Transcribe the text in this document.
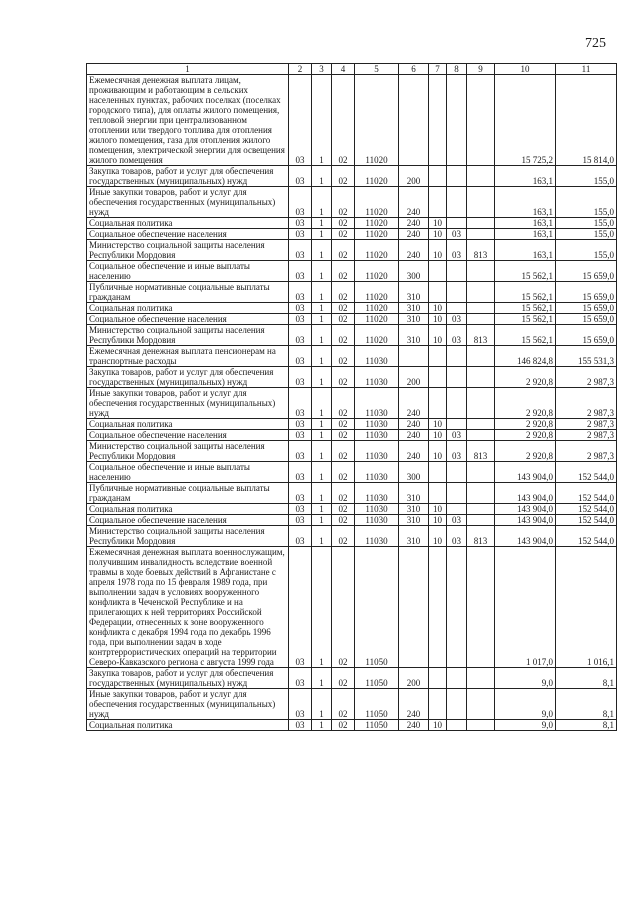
725
1	2	3	4	5	6	7	8	9	10	11
Ежемесячная денежная выплата лицам, проживающим и работающим в сельских населенных пунктах, рабочих поселках (поселках городского типа), для оплаты жилого помещения, тепловой энергии при централизованном отоплении или твердого топлива для отопления жилого помещения, газа для отопления жилого помещения, электрической энергии для освещения жилого помещения	03	1	02	11020					15 725,2	15 814,0
Закупка товаров, работ и услуг для обеспечения государственных (муниципальных) нужд	03	1	02	11020	200				163,1	155,0
Иные закупки товаров, работ и услуг для обеспечения государственных (муниципальных) нужд	03	1	02	11020	240				163,1	155,0
Социальная политика	03	1	02	11020	240	10			163,1	155,0
Социальное обеспечение населения	03	1	02	11020	240	10	03		163,1	155,0
Министерство социальной защиты населения Республики Мордовия	03	1	02	11020	240	10	03	813	163,1	155,0
Социальное обеспечение и иные выплаты населению	03	1	02	11020	300				15 562,1	15 659,0
Публичные нормативные социальные выплаты гражданам	03	1	02	11020	310				15 562,1	15 659,0
Социальная политика	03	1	02	11020	310	10			15 562,1	15 659,0
Социальное обеспечение населения	03	1	02	11020	310	10	03		15 562,1	15 659,0
Министерство социальной защиты населения Республики Мордовия	03	1	02	11020	310	10	03	813	15 562,1	15 659,0
Ежемесячная денежная выплата пенсионерам на транспортные расходы	03	1	02	11030					146 824,8	155 531,3
Закупка товаров, работ и услуг для обеспечения государственных (муниципальных) нужд	03	1	02	11030	200				2 920,8	2 987,3
Иные закупки товаров, работ и услуг для обеспечения государственных (муниципальных) нужд	03	1	02	11030	240				2 920,8	2 987,3
Социальная политика	03	1	02	11030	240	10			2 920,8	2 987,3
Социальное обеспечение населения	03	1	02	11030	240	10	03		2 920,8	2 987,3
Министерство социальной защиты населения Республики Мордовия	03	1	02	11030	240	10	03	813	2 920,8	2 987,3
Социальное обеспечение и иные выплаты населению	03	1	02	11030	300				143 904,0	152 544,0
Публичные нормативные социальные выплаты гражданам	03	1	02	11030	310				143 904,0	152 544,0
Социальная политика	03	1	02	11030	310	10			143 904,0	152 544,0
Социальное обеспечение населения	03	1	02	11030	310	10	03		143 904,0	152 544,0
Министерство социальной защиты населения Республики Мордовия	03	1	02	11030	310	10	03	813	143 904,0	152 544,0
Ежемесячная денежная выплата военнослужащим, получившим инвалидность вследствие военной травмы в ходе боевых действий в Афганистане с апреля 1978 года по 15 февраля 1989 года, при выполнении задач в условиях вооруженного конфликта в Чеченской Республике и на прилегающих к ней территориях Российской Федерации, отнесенных к зоне вооруженного конфликта с декабря 1994 года по декабрь 1996 года, при выполнении задач в ходе контртеррористических операций на территории Северо-Кавказского региона с августа 1999 года	03	1	02	11050					1 017,0	1 016,1
Закупка товаров, работ и услуг для обеспечения государственных (муниципальных) нужд	03	1	02	11050	200				9,0	8,1
Иные закупки товаров, работ и услуг для обеспечения государственных (муниципальных) нужд	03	1	02	11050	240				9,0	8,1
Социальная политика	03	1	02	11050	240	10			9,0	8,1
